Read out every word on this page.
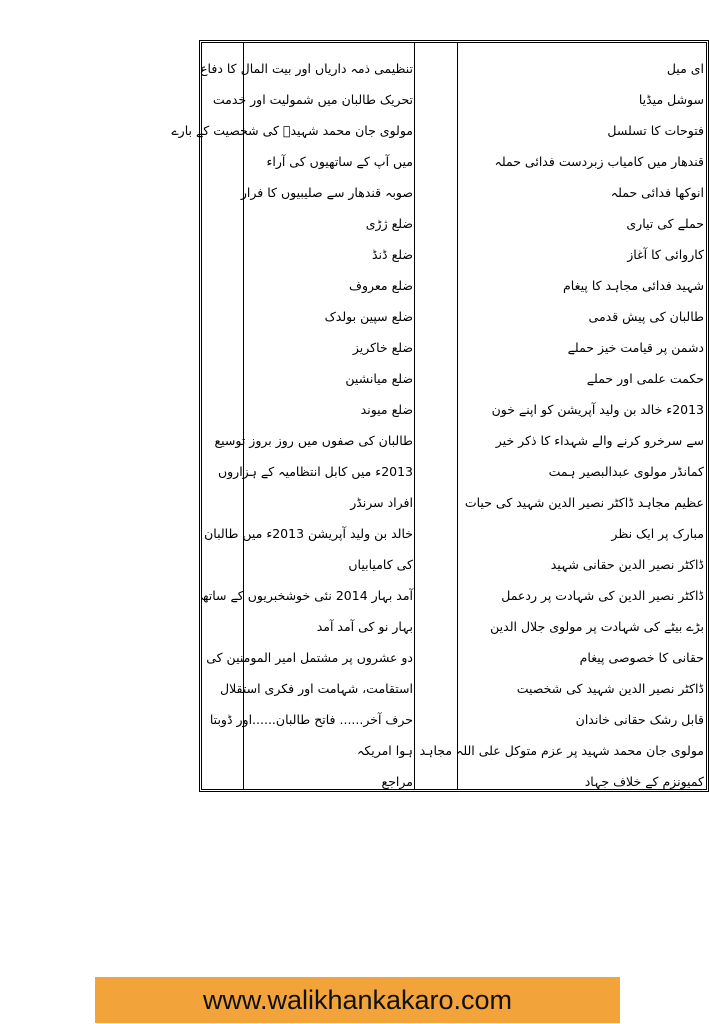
ای میل
سوشل میڈیا
فتوحات کا تسلسل
قندھار میں کامیاب زبردست فدائی حملہ
انوکھا فدائی حملہ
حملے کی تیاری
کاروائی کا آغاز
شہید فدائی مجاہد کا پیغام
طالبان کی پیش قدمی
دشمن پر قیامت خیز حملے
حکمت علمی اور حملے
2013ء خالد بن ولید آپریشن کو اپنے خون
سے سرخرو کرنے والے شہداء کا ذکر خیر
کمانڈر مولوی عبدالبصیر ہمت
عظیم مجاہد ڈاکٹر نصیر الدین شہید کی حیات
مبارک پر ایک نظر
ڈاکٹر نصیر الدین حقانی شہید
ڈاکٹر نصیر الدین کی شہادت پر ردعمل
بڑے بیٹے کی شہادت پر مولوی جلال الدین
حقانی کا خصوصی پیغام
ڈاکٹر نصیر الدین شہید کی شخصیت
قابل رشک حقانی خاندان
مولوی جان محمد شہید پر عزم متوکل علی اللہ مجاہد
کمیونزم کے خلاف جہاد
تنظیمی ذمہ داریاں اور بیت المال کا دفاع
تحریک طالبان میں شمولیت اور خدمت
مولوی جان محمد شہیدؒ کی شخصیت کے بارے
میں آپ کے ساتھیوں کی آراء
صوبہ قندھار سے صلیبیوں کا فرار
ضلع ژڑی
ضلع ڈنڈ
ضلع معروف
ضلع سپین بولدک
ضلع خاکریز
ضلع میانشین
ضلع میوند
طالبان کی صفوں میں روز بروز توسیع
2013ء میں کابل انتظامیہ کے ہزاروں
افراد سرنڈر
خالد بن ولید آپریشن 2013ء میں طالبان
کی کامیابیاں
آمد بہار 2014 نئی خوشخبریوں کے ساتھ
بہار نو کی آمد آمد
دو عشروں پر مشتمل امیر المومنین کی
استقامت، شہامت اور فکری استقلال
حرف آخر...... فاتح طالبان......اور ڈوبتا
ہوا امریکہ
مراجع
www.walikhankakaro.com
